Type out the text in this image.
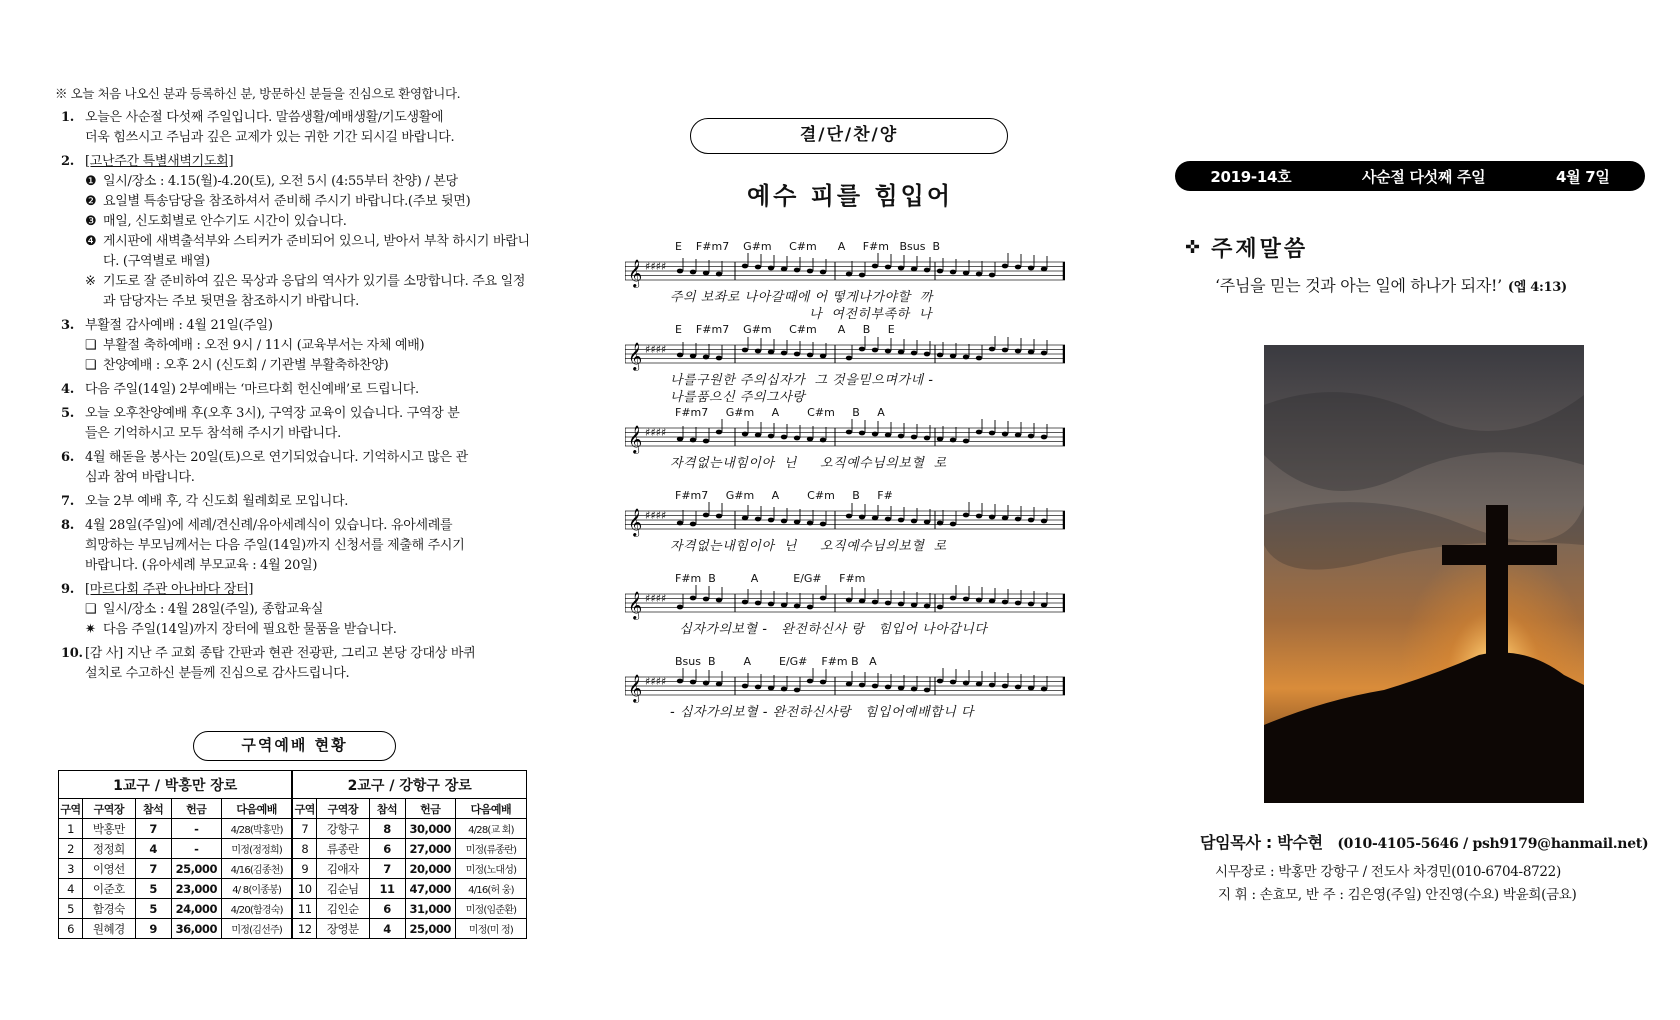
※ 오늘 처음 나오신 분과 등록하신 분, 방문하신 분들을 진심으로 환영합니다.
1. 오늘은 사순절 다섯째 주일입니다. 말씀생활/예배생활/기도생활에
더욱 힘쓰시고 주님과 깊은 교제가 있는 귀한 기간 되시길 바랍니다.
2. [고난주간 특별새벽기도회]
❶ 일시/장소 : 4.15(월)-4.20(토), 오전 5시 (4:55부터 찬양) / 본당
❷ 요일별 특송담당을 참조하셔서 준비해 주시기 바랍니다.(주보 뒷면)
❸ 매일, 신도회별로 안수기도 시간이 있습니다.
❹ 게시판에 새벽출석부와 스티커가 준비되어 있으니, 받아서 부착 하시기 바랍니다. (구역별로 배열)
※ 기도로 잘 준비하여 깊은 묵상과 응답의 역사가 있기를 소망합니다. 주요 일정과 담당자는 주보 뒷면을 참조하시기 바랍니다.
3. 부활절 감사예배 : 4월 21일(주일)
❑ 부활절 축하예배 : 오전 9시 / 11시 (교육부서는 자체 예배)
❑ 찬양예배 : 오후 2시 (신도회 / 기관별 부활축하찬양)
4. 다음 주일(14일) 2부예배는 ‘마르다회 헌신예배’로 드립니다.
5. 오늘 오후찬양예배 후(오후 3시), 구역장 교육이 있습니다. 구역장 분
들은 기억하시고 모두 참석해 주시기 바랍니다.
6. 4월 해돋을 봉사는 20일(토)으로 연기되었습니다. 기억하시고 많은 관
심과 참여 바랍니다.
7. 오늘 2부 예배 후, 각 신도회 월례회로 모입니다.
8. 4월 28일(주일)에 세례/견신례/유아세례식이 있습니다. 유아세례를
희망하는 부모님께서는 다음 주일(14일)까지 신청서를 제출해 주시기
바랍니다. (유아세례 부모교육 : 4월 20일)
9. [마르다회 주관 아나바다 장터]
❑ 일시/장소 : 4월 28일(주일), 종합교육실
✷ 다음 주일(14일)까지 장터에 필요한 물품을 받습니다.
10. [감 사] 지난 주 교회 종탑 간판과 현관 전광판, 그리고 본당 강대상 바퀴
설치로 수고하신 분들께 진심으로 감사드립니다.
구역예배 현황
1교구 / 박홍만 장로					2교구 / 강항구 장로				
구역	구역장	참석	헌금	다음예배	구역	구역장	참석	헌금	다음예배
1	박홍만	7	-	4/28(박홍만)	7	강항구	8	30,000	4/28(교 회)
2	정정희	4	-	미정(정정희)	8	류종란	6	27,000	미정(류종란)
3	이영선	7	25,000	4/16(김종천)	9	김애자	7	20,000	미정(노대성)
4	이준호	5	23,000	4/ 8(이종봉)	10	김순님	11	47,000	4/16(허 웅)
5	함경숙	5	24,000	4/20(함경숙)	11	김인순	6	31,000	미정(임준환)
6	원혜경	9	36,000	미정(김선주)	12	장영분	4	25,000	미정(미 정)
결/단/찬/양
예수 피를 힘입어
𝄞 ♯♯♯♯
E    F#m7    G#m     C#m      A     F#m   Bsus  B
주의 보좌로 나아갈때에 어 떻게나가야할  까
나  여전히부족하  나
𝄞 ♯♯♯♯
E    F#m7    G#m     C#m      A     B     E
나를구원한 주의십자가  그 것을믿으며가네 -
나를품으신 주의그사랑
𝄞 ♯♯♯♯
F#m7     G#m     A        C#m     B     A
자격없는내힘이아  닌     오직예수님의보혈  로
𝄞 ♯♯♯♯
F#m7     G#m     A        C#m     B     F#
자격없는내힘이아  닌     오직예수님의보혈  로
𝄞 ♯♯♯♯
F#m  B          A          E/G#     F#m
십자가의보혈 -   완전하신사 랑   힘입어 나아갑니다
𝄞 ♯♯♯♯
Bsus  B        A        E/G#    F#m B   A
- 십자가의보혈 - 완전하신사랑   힘입어예배합니 다
2019-14호	사순절 다섯째 주일	4월 7일
✜ 주제말씀
‘주님을 믿는 것과 아는 일에 하나가 되자!’ (엡 4:13)
담임목사 : 박수현 (010-4105-5646 / psh9179@hanmail.net)
시무장로 : 박홍만 강항구 / 전도사 차경민(010-6704-8722)
지 휘 : 손효모, 반 주 : 김은영(주일) 안진영(수요) 박윤희(금요)
